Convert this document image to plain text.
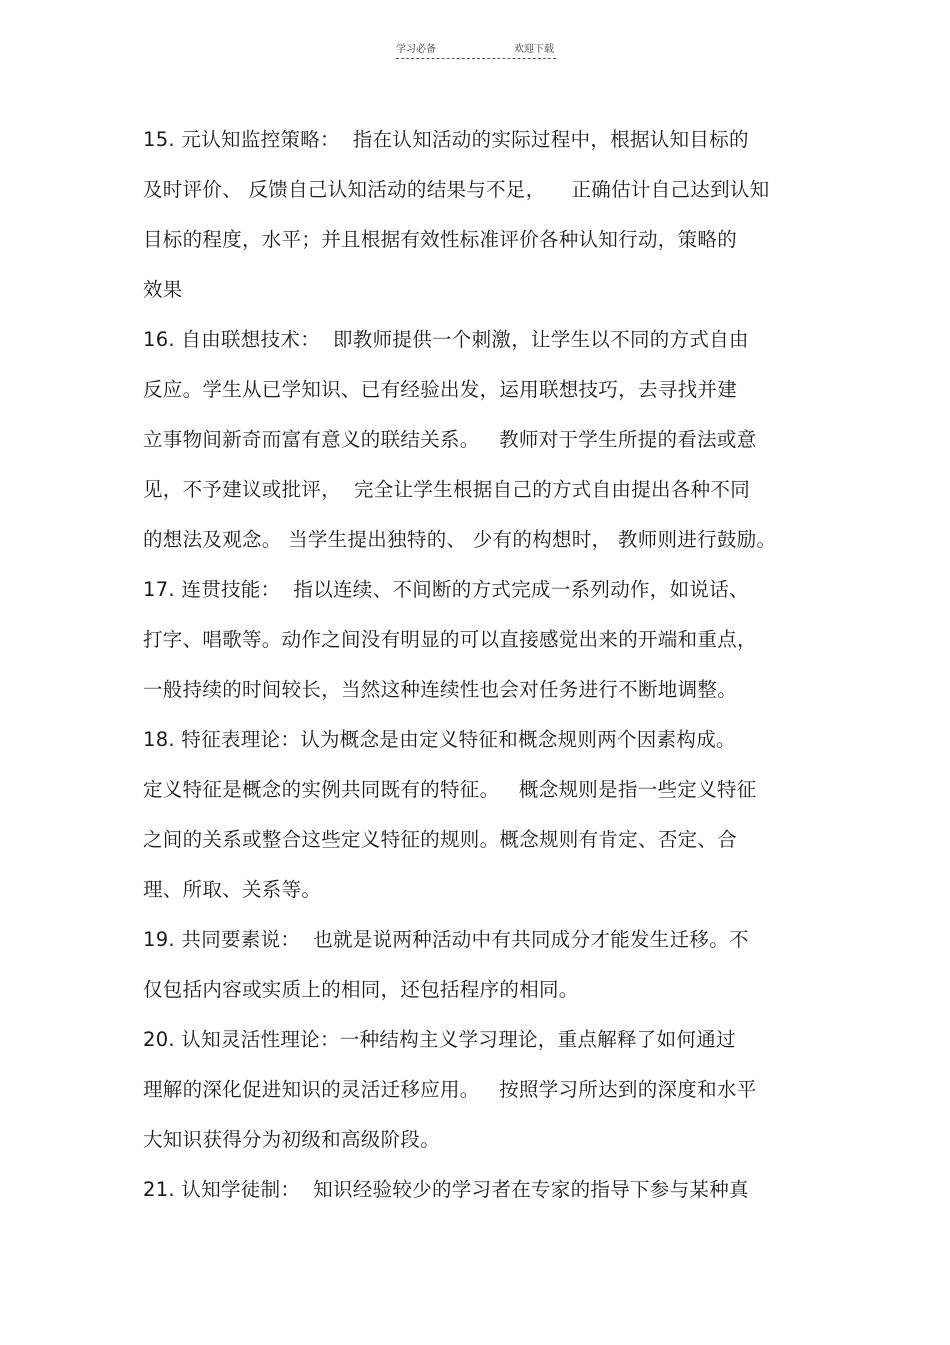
学习必备	欢迎下载
15. 元认知监控策略：  指在认知活动的实际过程中，根据认知目标的
及时评价、 反馈自己认知活动的结果与不足，    正确估计自己达到认知
目标的程度，水平；并且根据有效性标准评价各种认知行动，策略的
效果
16. 自由联想技术：  即教师提供一个刺激，让学生以不同的方式自由
反应。学生从已学知识、已有经验出发，运用联想技巧，去寻找并建
立事物间新奇而富有意义的联结关系。   教师对于学生所提的看法或意
见，不予建议或批评，  完全让学生根据自己的方式自由提出各种不同
的想法及观念。 当学生提出独特的、 少有的构想时， 教师则进行鼓励。
17. 连贯技能：  指以连续、不间断的方式完成一系列动作，如说话、
打字、唱歌等。动作之间没有明显的可以直接感觉出来的开端和重点，
一般持续的时间较长，当然这种连续性也会对任务进行不断地调整。
18. 特征表理论：认为概念是由定义特征和概念规则两个因素构成。
定义特征是概念的实例共同既有的特征。   概念规则是指一些定义特征
之间的关系或整合这些定义特征的规则。概念规则有肯定、否定、合
理、所取、关系等。
19. 共同要素说：  也就是说两种活动中有共同成分才能发生迁移。不
仅包括内容或实质上的相同，还包括程序的相同。
20. 认知灵活性理论：一种结构主义学习理论，重点解释了如何通过
理解的深化促进知识的灵活迁移应用。   按照学习所达到的深度和水平
大知识获得分为初级和高级阶段。
21. 认知学徒制：  知识经验较少的学习者在专家的指导下参与某种真
